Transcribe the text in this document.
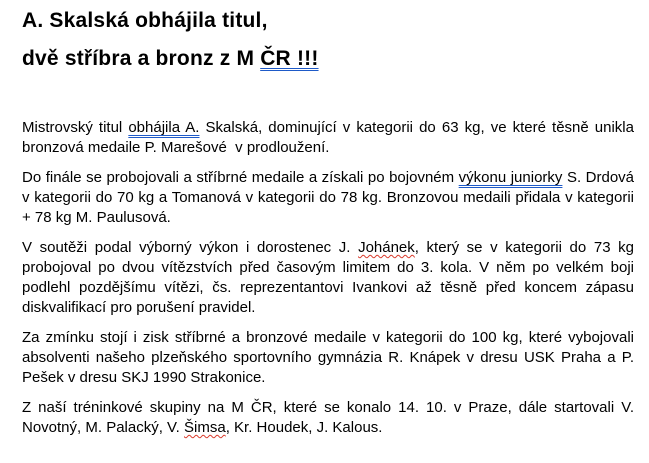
A. Skalská obhájila titul,
dvě stříbra a bronz z M ČR !!!

Mistrovský titul obhájila A. Skalská, dominující v kategorii do 63 kg, ve které těsně unikla bronzová medaile P. Marešové  v prodloužení.

Do finále se probojovali a stříbrné medaile a získali po bojovném výkonu juniorky S. Drdová v kategorii do 70 kg a Tomanová v kategorii do 78 kg. Bronzovou medaili přidala v kategorii + 78 kg M. Paulusová.

V soutěži podal výborný výkon i dorostenec J. Johánek, který se v kategorii do 73 kg probojoval po dvou vítězstvích před časovým limitem do 3. kola. V něm po velkém boji podlehl pozdějšímu vítězi, čs. reprezentantovi Ivankovi až těsně před koncem zápasu diskvalifikací pro porušení pravidel.

Za zmínku stojí i zisk stříbrné a bronzové medaile v kategorii do 100 kg, které vybojovali absolventi našeho plzeňského sportovního gymnázia R. Knápek v dresu USK Praha a P. Pešek v dresu SKJ 1990 Strakonice.

Z naší tréninkové skupiny na M ČR, které se konalo 14. 10. v Praze, dále startovali V. Novotný, M. Palacký, V. Šimsa, Kr. Houdek, J. Kalous.
